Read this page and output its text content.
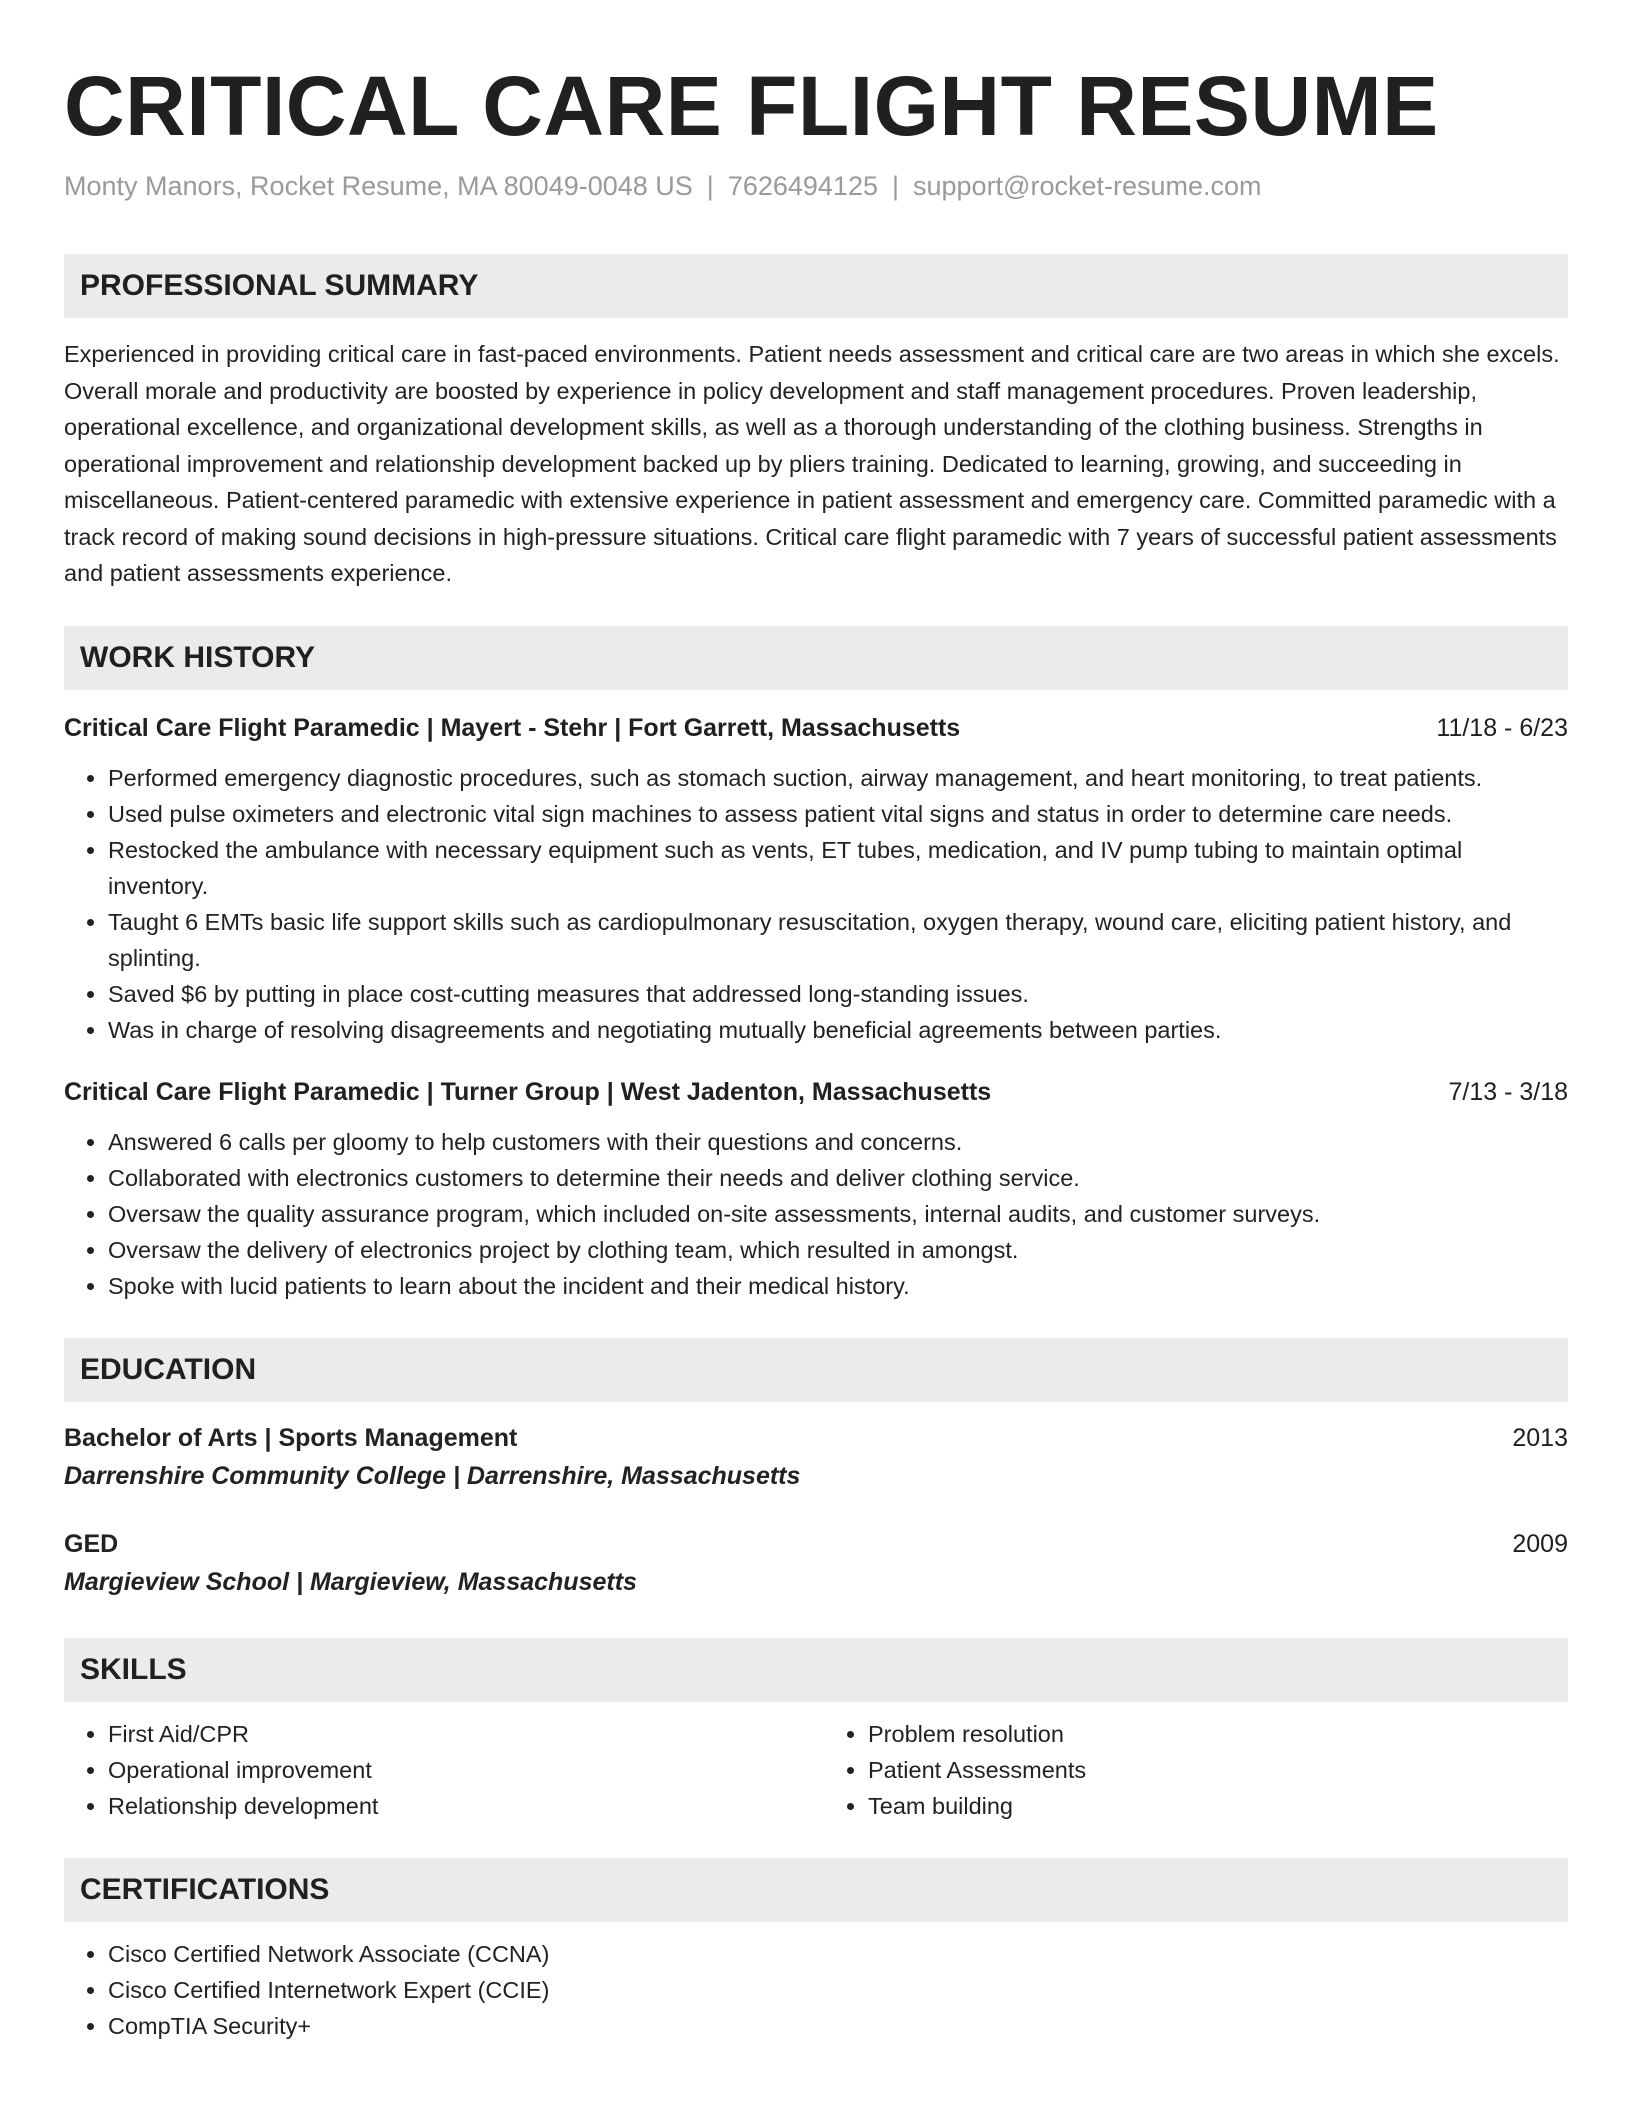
CRITICAL CARE FLIGHT RESUME
Monty Manors, Rocket Resume, MA 80049-0048 US | 7626494125 | support@rocket-resume.com
PROFESSIONAL SUMMARY
Experienced in providing critical care in fast-paced environments. Patient needs assessment and critical care are two areas in which she excels. Overall morale and productivity are boosted by experience in policy development and staff management procedures. Proven leadership, operational excellence, and organizational development skills, as well as a thorough understanding of the clothing business. Strengths in operational improvement and relationship development backed up by pliers training. Dedicated to learning, growing, and succeeding in miscellaneous. Patient-centered paramedic with extensive experience in patient assessment and emergency care. Committed paramedic with a track record of making sound decisions in high-pressure situations. Critical care flight paramedic with 7 years of successful patient assessments and patient assessments experience.
WORK HISTORY
Critical Care Flight Paramedic | Mayert - Stehr | Fort Garrett, Massachusetts	11/18 - 6/23
• Performed emergency diagnostic procedures, such as stomach suction, airway management, and heart monitoring, to treat patients.
• Used pulse oximeters and electronic vital sign machines to assess patient vital signs and status in order to determine care needs.
• Restocked the ambulance with necessary equipment such as vents, ET tubes, medication, and IV pump tubing to maintain optimal inventory.
• Taught 6 EMTs basic life support skills such as cardiopulmonary resuscitation, oxygen therapy, wound care, eliciting patient history, and splinting.
• Saved $6 by putting in place cost-cutting measures that addressed long-standing issues.
• Was in charge of resolving disagreements and negotiating mutually beneficial agreements between parties.
Critical Care Flight Paramedic | Turner Group | West Jadenton, Massachusetts	7/13 - 3/18
• Answered 6 calls per gloomy to help customers with their questions and concerns.
• Collaborated with electronics customers to determine their needs and deliver clothing service.
• Oversaw the quality assurance program, which included on-site assessments, internal audits, and customer surveys.
• Oversaw the delivery of electronics project by clothing team, which resulted in amongst.
• Spoke with lucid patients to learn about the incident and their medical history.
EDUCATION
Bachelor of Arts | Sports Management	2013
Darrenshire Community College | Darrenshire, Massachusetts
GED	2009
Margieview School | Margieview, Massachusetts
SKILLS
• First Aid/CPR
• Operational improvement
• Relationship development
• Problem resolution
• Patient Assessments
• Team building
CERTIFICATIONS
• Cisco Certified Network Associate (CCNA)
• Cisco Certified Internetwork Expert (CCIE)
• CompTIA Security+
